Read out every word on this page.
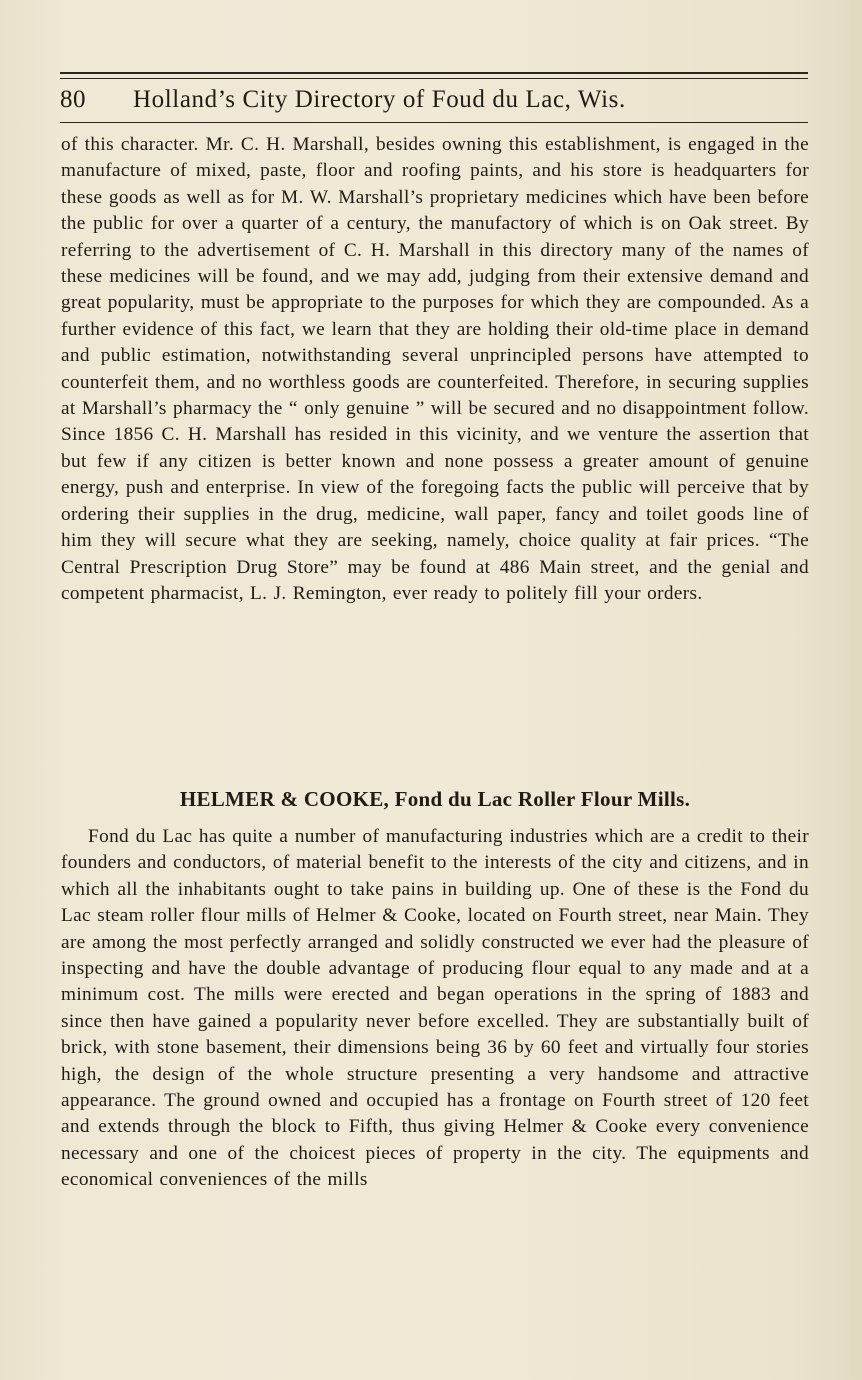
80 Holland’s City Directory of Foud du Lac, Wis.

of this character. Mr. C. H. Marshall, besides owning this establishment, is engaged in the manufacture of mixed, paste, floor and roofing paints, and his store is headquarters for these goods as well as for M. W. Marshall’s proprietary medicines which have been before the public for over a quarter of a century, the manufactory of which is on Oak street. By referring to the advertisement of C. H. Marshall in this directory many of the names of these medicines will be found, and we may add, judging from their extensive demand and great popularity, must be appropriate to the purposes for which they are compounded. As a further evidence of this fact, we learn that they are holding their old-time place in demand and public estimation, notwithstanding several unprincipled persons have attempted to counterfeit them, and no worthless goods are counterfeited. Therefore, in securing supplies at Marshall’s pharmacy the “ only genuine ” will be secured and no disappointment follow. Since 1856 C. H. Marshall has resided in this vicinity, and we venture the assertion that but few if any citizen is better known and none possess a greater amount of genuine energy, push and enterprise. In view of the foregoing facts the public will perceive that by ordering their supplies in the drug, medicine, wall paper, fancy and toilet goods line of him they will secure what they are seeking, namely, choice quality at fair prices. “The Central Prescription Drug Store” may be found at 486 Main street, and the genial and competent pharmacist, L. J. Remington, ever ready to politely fill your orders.

HELMER & COOKE, Fond du Lac Roller Flour Mills.

Fond du Lac has quite a number of manufacturing industries which are a credit to their founders and conductors, of material benefit to the interests of the city and citizens, and in which all the inhabitants ought to take pains in building up. One of these is the Fond du Lac steam roller flour mills of Helmer & Cooke, located on Fourth street, near Main. They are among the most perfectly arranged and solidly constructed we ever had the pleasure of inspecting and have the double advantage of producing flour equal to any made and at a minimum cost. The mills were erected and began operations in the spring of 1883 and since then have gained a popularity never before excelled. They are substantially built of brick, with stone basement, their dimensions being 36 by 60 feet and virtually four stories high, the design of the whole structure presenting a very handsome and attractive appearance. The ground owned and occupied has a frontage on Fourth street of 120 feet and extends through the block to Fifth, thus giving Helmer & Cooke every convenience necessary and one of the choicest pieces of property in the city. The equipments and economical conveniences of the mills
